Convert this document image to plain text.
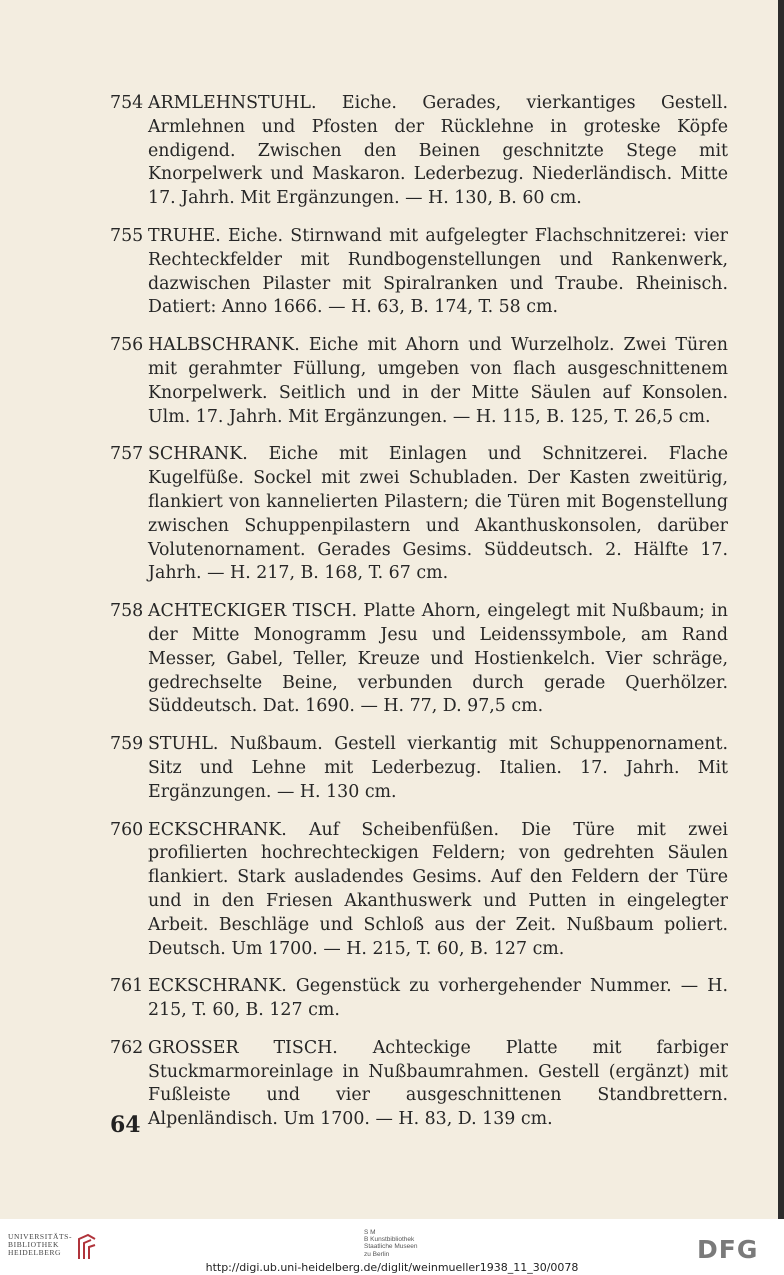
754 ARMLEHNSTUHL. Eiche. Gerades, vierkantiges Gestell. Armlehnen und Pfosten der Rücklehne in groteske Köpfe endigend. Zwischen den Beinen geschnitzte Stege mit Knorpelwerk und Maskaron. Lederbezug. Niederländisch. Mitte 17. Jahrh. Mit Ergänzungen. — H. 130, B. 60 cm.
755 TRUHE. Eiche. Stirnwand mit aufgelegter Flachschnitzerei: vier Rechteckfelder mit Rundbogenstellungen und Rankenwerk, dazwischen Pilaster mit Spiralranken und Traube. Rheinisch. Datiert: Anno 1666. — H. 63, B. 174, T. 58 cm.
756 HALBSCHRANK. Eiche mit Ahorn und Wurzelholz. Zwei Türen mit gerahmter Füllung, umgeben von flach ausgeschnittenem Knorpelwerk. Seitlich und in der Mitte Säulen auf Konsolen. Ulm. 17. Jahrh. Mit Ergänzungen. — H. 115, B. 125, T. 26,5 cm.
757 SCHRANK. Eiche mit Einlagen und Schnitzerei. Flache Kugelfüße. Sockel mit zwei Schubladen. Der Kasten zweitürig, flankiert von kannelierten Pilastern; die Türen mit Bogenstellung zwischen Schuppenpilastern und Akanthuskonsolen, darüber Volutenornament. Gerades Gesims. Süddeutsch. 2. Hälfte 17. Jahrh. — H. 217, B. 168, T. 67 cm.
758 ACHTECKIGER TISCH. Platte Ahorn, eingelegt mit Nußbaum; in der Mitte Monogramm Jesu und Leidenssymbole, am Rand Messer, Gabel, Teller, Kreuze und Hostienkelch. Vier schräge, gedrechselte Beine, verbunden durch gerade Querhölzer. Süddeutsch. Dat. 1690. — H. 77, D. 97,5 cm.
759 STUHL. Nußbaum. Gestell vierkantig mit Schuppenornament. Sitz und Lehne mit Lederbezug. Italien. 17. Jahrh. Mit Ergänzungen. — H. 130 cm.
760 ECKSCHRANK. Auf Scheibenfüßen. Die Türe mit zwei profilierten hochrechteckigen Feldern; von gedrehten Säulen flankiert. Stark ausladendes Gesims. Auf den Feldern der Türe und in den Friesen Akanthuswerk und Putten in eingelegter Arbeit. Beschläge und Schloß aus der Zeit. Nußbaum poliert. Deutsch. Um 1700. — H. 215, T. 60, B. 127 cm.
761 ECKSCHRANK. Gegenstück zu vorhergehender Nummer. — H. 215, T. 60, B. 127 cm.
762 GROSSER TISCH. Achteckige Platte mit farbiger Stuckmarmoreinlage in Nußbaumrahmen. Gestell (ergänzt) mit Fußleiste und vier ausgeschnittenen Standbrettern. Alpenländisch. Um 1700. — H. 83, D. 139 cm.
64
UNIVERSITÄTS-
BIBLIOTHEK
HEIDELBERG
S M
B Kunstbibliothek
Staatliche Museen
zu Berlin	DFG
http://digi.ub.uni-heidelberg.de/diglit/weinmueller1938_11_30/0078
